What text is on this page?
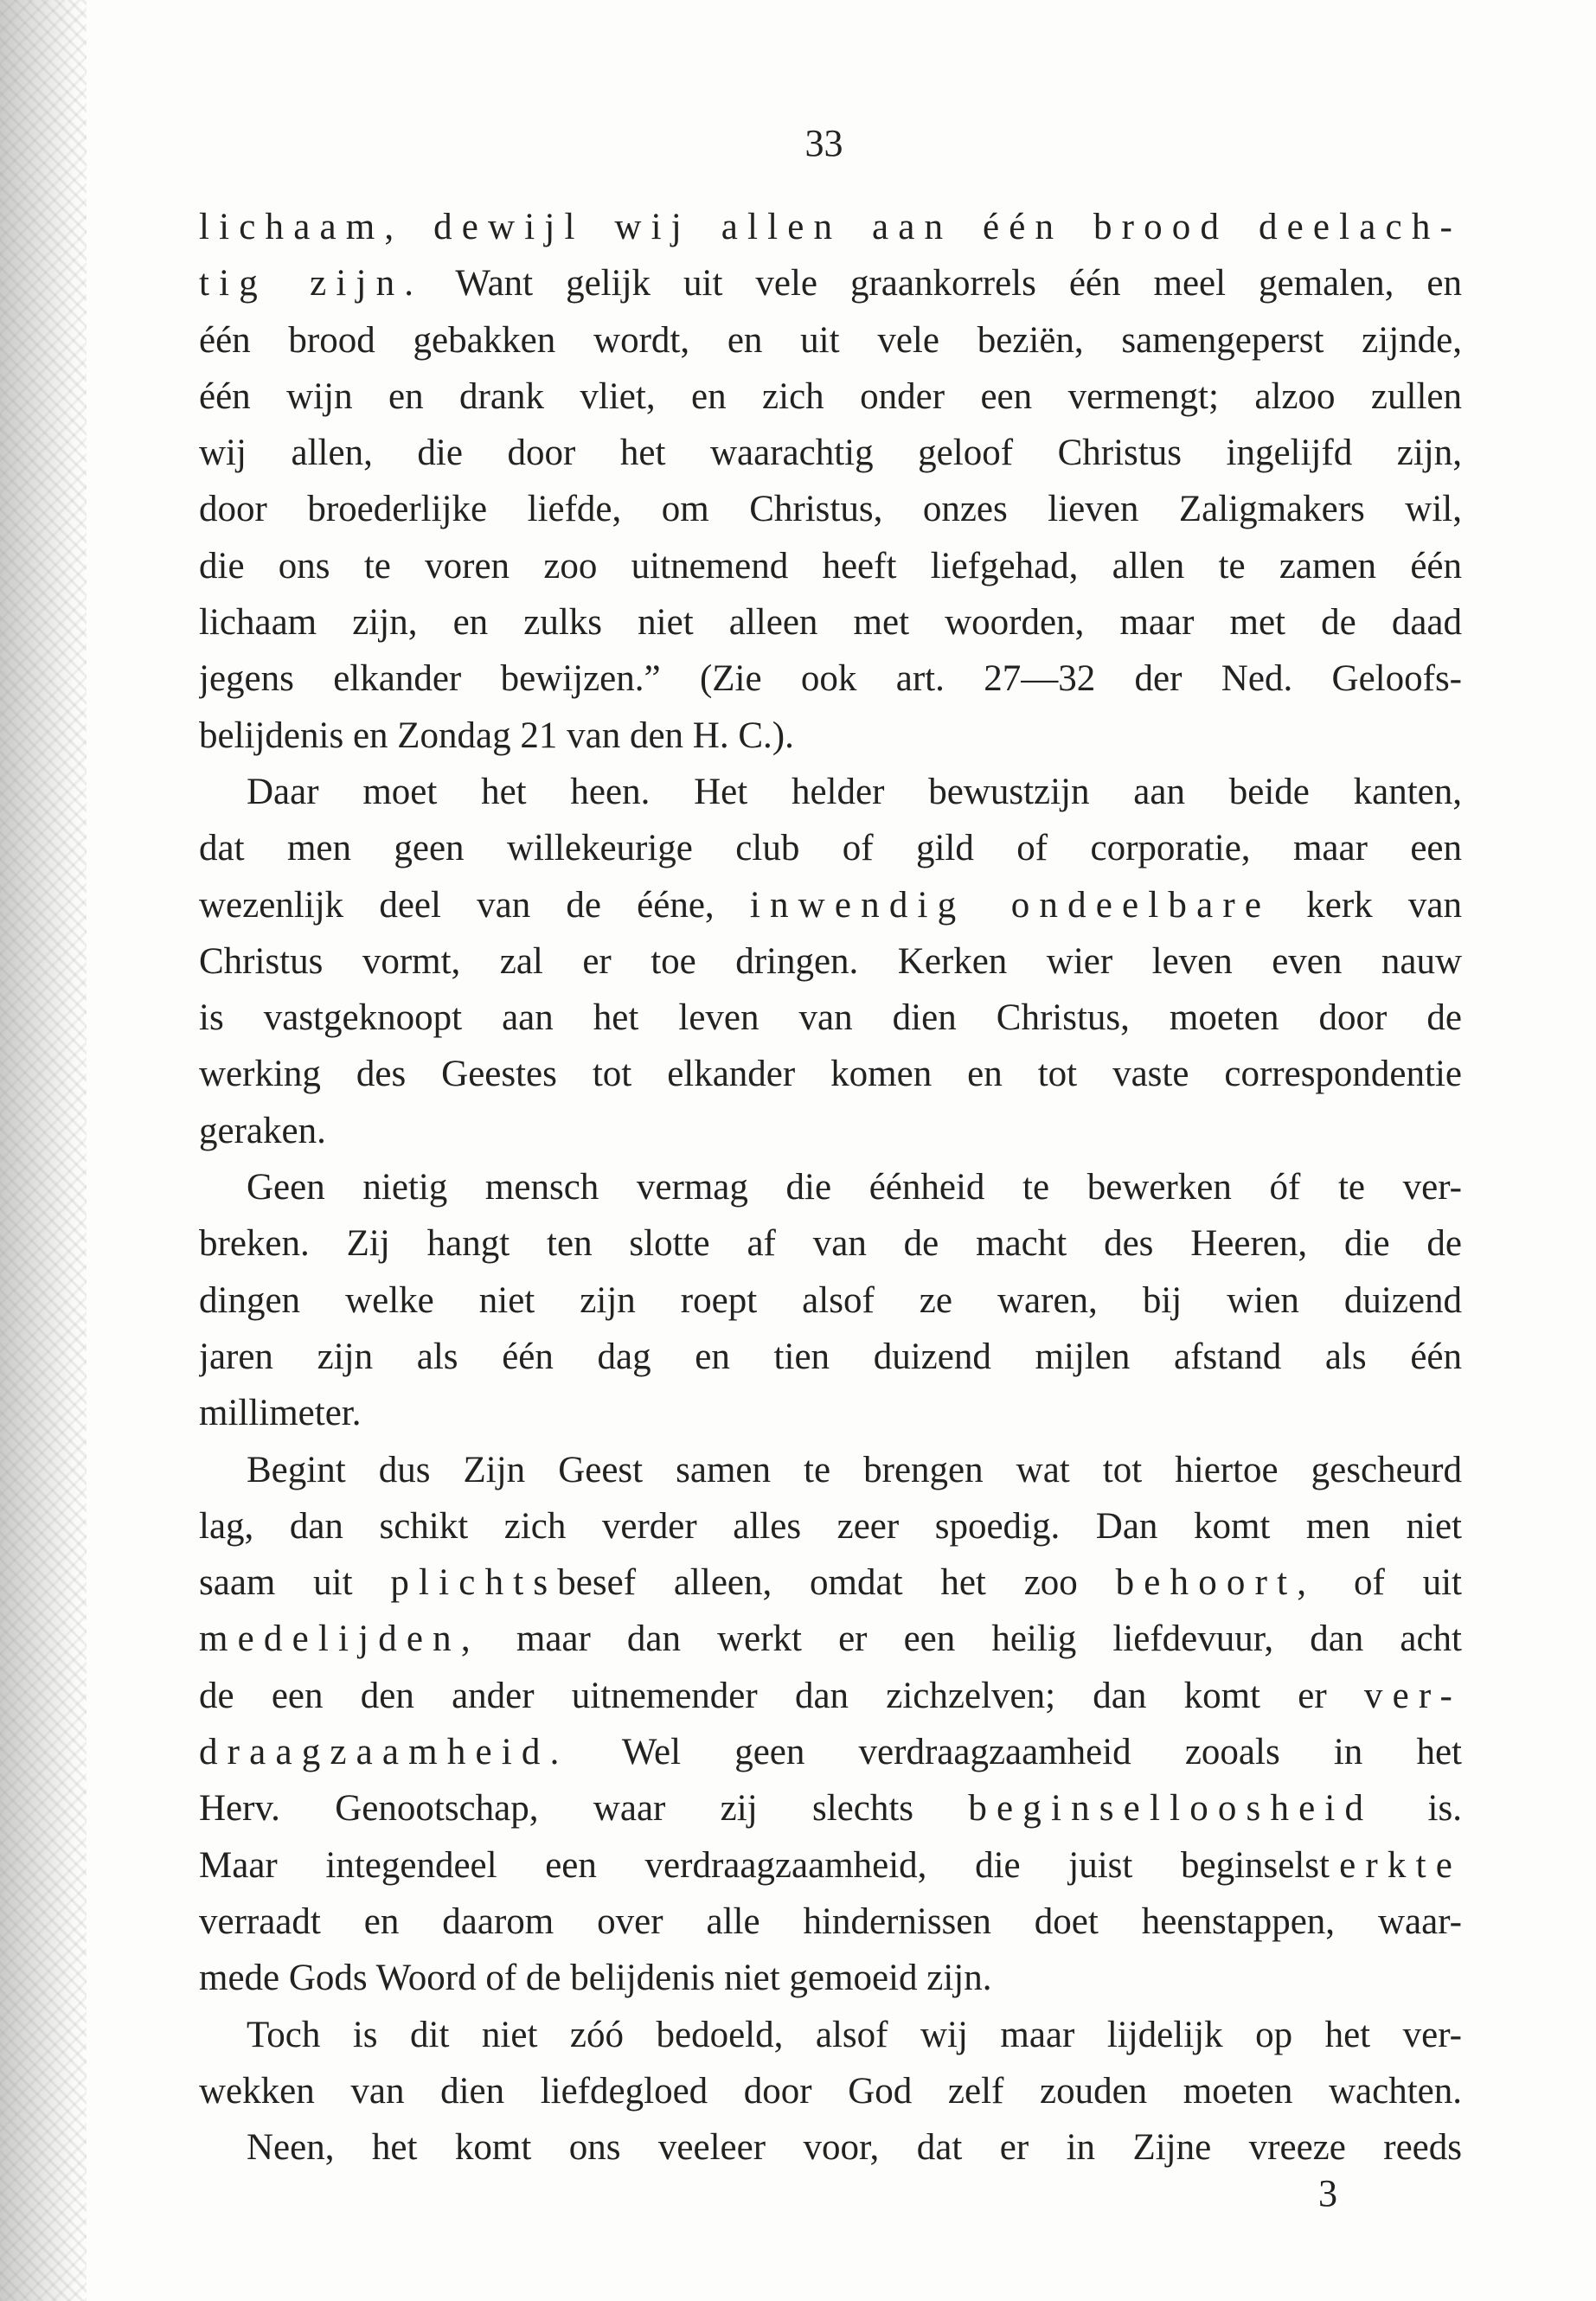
33
lichaam, dewijl wij allen aan één brood deelach-
tig zijn. Want gelijk uit vele graankorrels één meel gemalen, en
één brood gebakken wordt, en uit vele beziën, samengeperst zijnde,
één wijn en drank vliet, en zich onder een vermengt; alzoo zullen
wij allen, die door het waarachtig geloof Christus ingelijfd zijn,
door broederlijke liefde, om Christus, onzes lieven Zaligmakers wil,
die ons te voren zoo uitnemend heeft liefgehad, allen te zamen één
lichaam zijn, en zulks niet alleen met woorden, maar met de daad
jegens elkander bewijzen.” (Zie ook art. 27—32 der Ned. Geloofs-
belijdenis en Zondag 21 van den H. C.).
Daar moet het heen. Het helder bewustzijn aan beide kanten,
dat men geen willekeurige club of gild of corporatie, maar een
wezenlijk deel van de ééne, inwendig ondeelbare kerk van
Christus vormt, zal er toe dringen. Kerken wier leven even nauw
is vastgeknoopt aan het leven van dien Christus, moeten door de
werking des Geestes tot elkander komen en tot vaste correspondentie
geraken.
Geen nietig mensch vermag die éénheid te bewerken óf te ver-
breken. Zij hangt ten slotte af van de macht des Heeren, die de
dingen welke niet zijn roept alsof ze waren, bij wien duizend
jaren zijn als één dag en tien duizend mijlen afstand als één
millimeter.
Begint dus Zijn Geest samen te brengen wat tot hiertoe gescheurd
lag, dan schikt zich verder alles zeer spoedig. Dan komt men niet
saam uit plichtsbesef alleen, omdat het zoo behoort, of uit
medelijden, maar dan werkt er een heilig liefdevuur, dan acht
de een den ander uitnemender dan zichzelven; dan komt er ver-
draagzaamheid. Wel geen verdraagzaamheid zooals in het
Herv. Genootschap, waar zij slechts beginselloosheid is.
Maar integendeel een verdraagzaamheid, die juist beginselsterkte
verraadt en daarom over alle hindernissen doet heenstappen, waar-
mede Gods Woord of de belijdenis niet gemoeid zijn.
Toch is dit niet zóó bedoeld, alsof wij maar lijdelijk op het ver-
wekken van dien liefdegloed door God zelf zouden moeten wachten.
Neen, het komt ons veeleer voor, dat er in Zijne vreeze reeds
3
